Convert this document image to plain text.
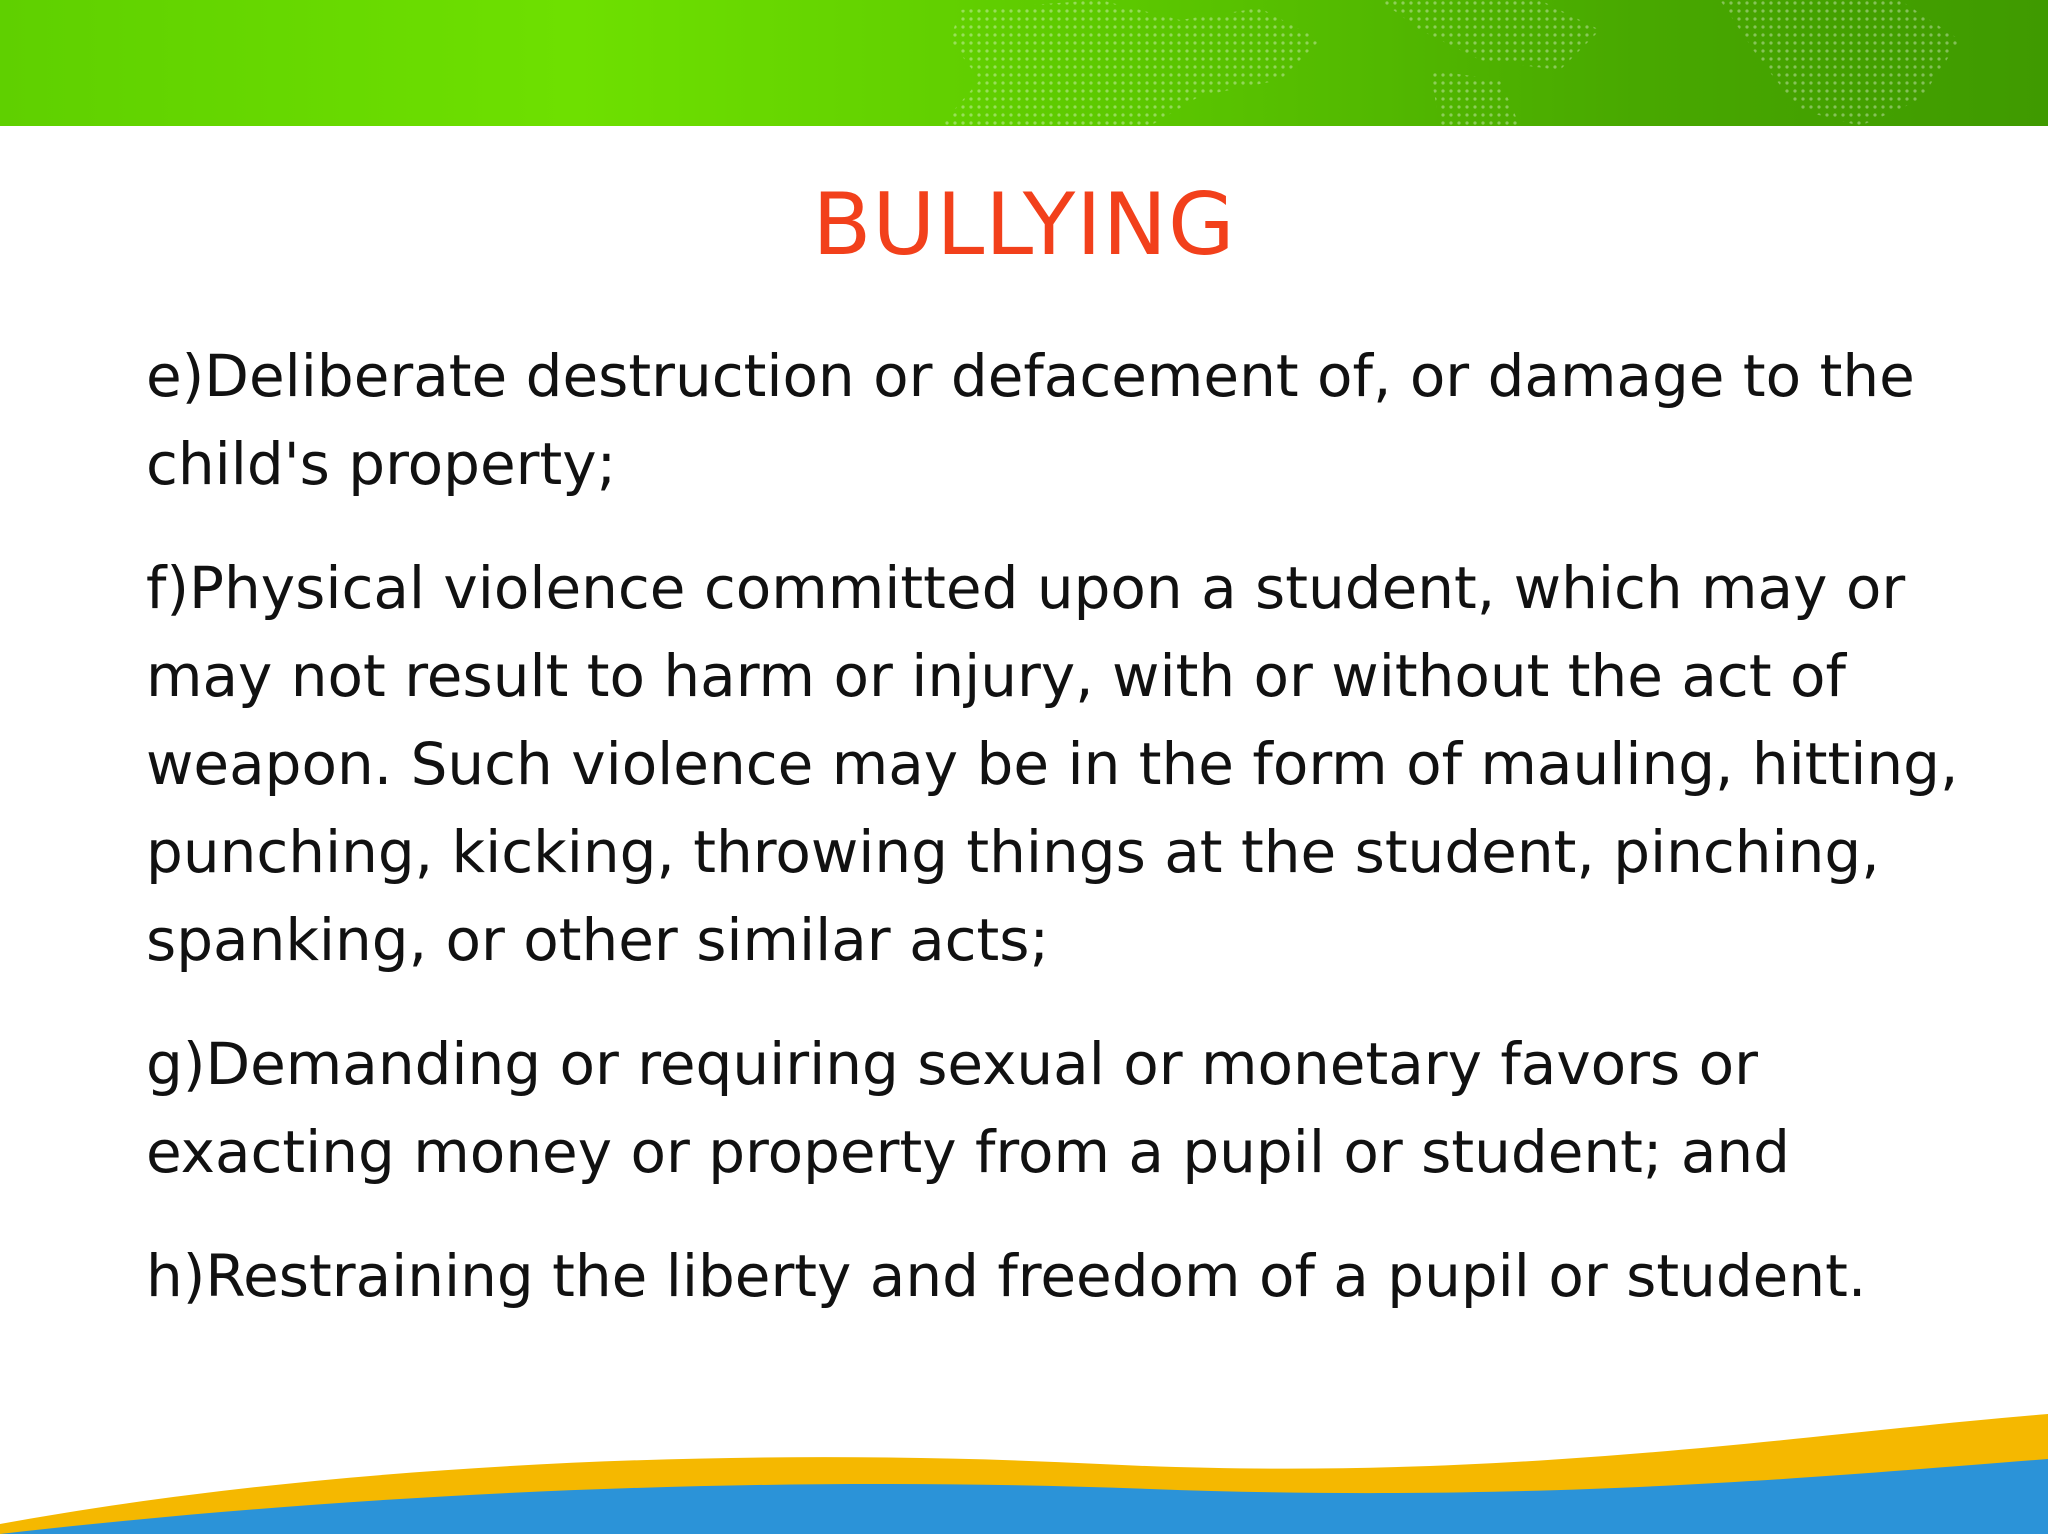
BULLYING

e)Deliberate destruction or defacement of, or damage to the child's property;

f)Physical violence committed upon a student, which may or may not result to harm or injury, with or without the act of weapon. Such violence may be in the form of mauling, hitting, punching, kicking, throwing things at the student, pinching, spanking, or other similar acts;

g)Demanding or requiring sexual or monetary favors or exacting money or property from a pupil or student; and

h)Restraining the liberty and freedom of a pupil or student.
